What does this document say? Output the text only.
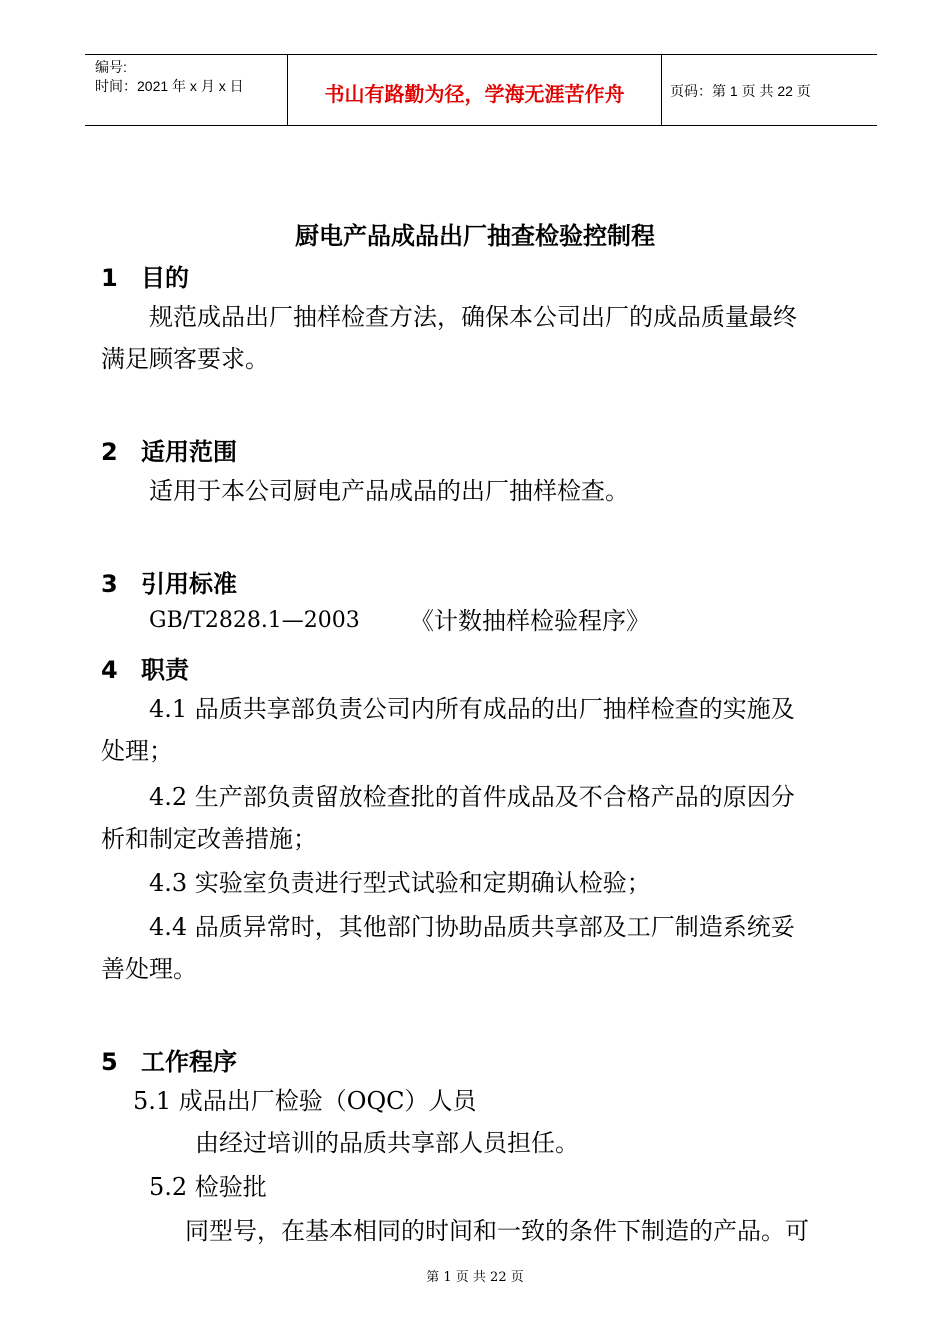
编号:
时间：2021 年 x 月 x 日	书山有路勤为径，学海无涯苦作舟	页码：第 1 页 共 22 页
厨电产品成品出厂抽查检验控制程
1 目的
规范成品出厂抽样检查方法，确保本公司出厂的成品质量最终
满足顾客要求。
2 适用范围
适用于本公司厨电产品成品的出厂抽样检查。
3 引用标准
GB/T2828.1—2003 《计数抽样检验程序》
4 职责
4.1 品质共享部负责公司内所有成品的出厂抽样检查的实施及
处理；
4.2 生产部负责留放检查批的首件成品及不合格产品的原因分
析和制定改善措施；
4.3 实验室负责进行型式试验和定期确认检验；
4.4 品质异常时，其他部门协助品质共享部及工厂制造系统妥
善处理。
5 工作程序
5.1 成品出厂检验（OQC）人员
由经过培训的品质共享部人员担任。
5.2 检验批
同型号，在基本相同的时间和一致的条件下制造的产品。可
第 1 页 共 22 页
